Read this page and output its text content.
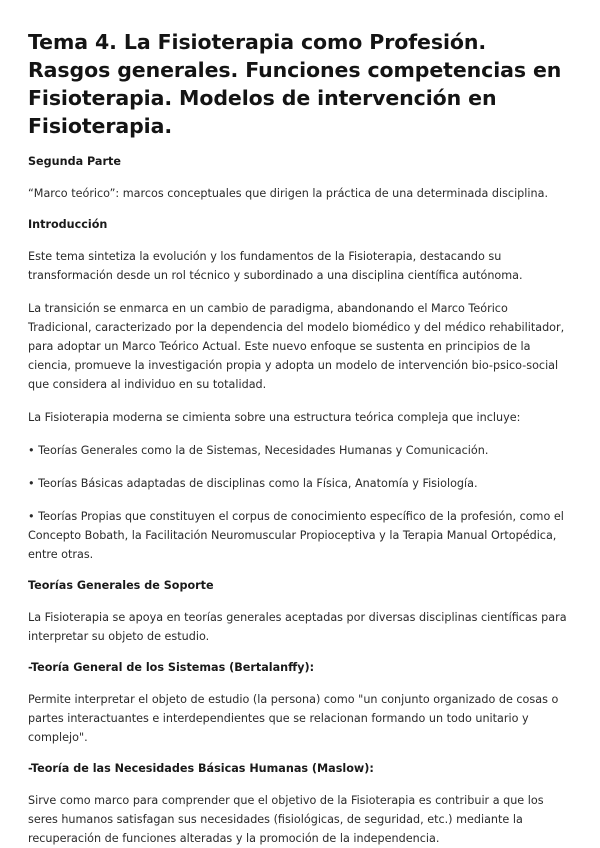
Tema 4. La Fisioterapia como Profesión. Rasgos generales. Funciones competencias en Fisioterapia. Modelos de intervención en Fisioterapia.
Segunda Parte

“Marco teórico”: marcos conceptuales que dirigen la práctica de una determinada disciplina.

Introducción

Este tema sintetiza la evolución y los fundamentos de la Fisioterapia, destacando su transformación desde un rol técnico y subordinado a una disciplina científica autónoma.

La transición se enmarca en un cambio de paradigma, abandonando el Marco Teórico Tradicional, caracterizado por la dependencia del modelo biomédico y del médico rehabilitador, para adoptar un Marco Teórico Actual. Este nuevo enfoque se sustenta en principios de la ciencia, promueve la investigación propia y adopta un modelo de intervención bio-psico-social que considera al individuo en su totalidad.

La Fisioterapia moderna se cimienta sobre una estructura teórica compleja que incluye:

• Teorías Generales como la de Sistemas, Necesidades Humanas y Comunicación.

• Teorías Básicas adaptadas de disciplinas como la Física, Anatomía y Fisiología.

• Teorías Propias que constituyen el corpus de conocimiento específico de la profesión, como el Concepto Bobath, la Facilitación Neuromuscular Propioceptiva y la Terapia Manual Ortopédica, entre otras.

Teorías Generales de Soporte

La Fisioterapia se apoya en teorías generales aceptadas por diversas disciplinas científicas para interpretar su objeto de estudio.

-Teoría General de los Sistemas (Bertalanffy):

Permite interpretar el objeto de estudio (la persona) como "un conjunto organizado de cosas o partes interactuantes e interdependientes que se relacionan formando un todo unitario y complejo".

-Teoría de las Necesidades Básicas Humanas (Maslow):

Sirve como marco para comprender que el objetivo de la Fisioterapia es contribuir a que los seres humanos satisfagan sus necesidades (fisiológicas, de seguridad, etc.) mediante la recuperación de funciones alteradas y la promoción de la independencia.
